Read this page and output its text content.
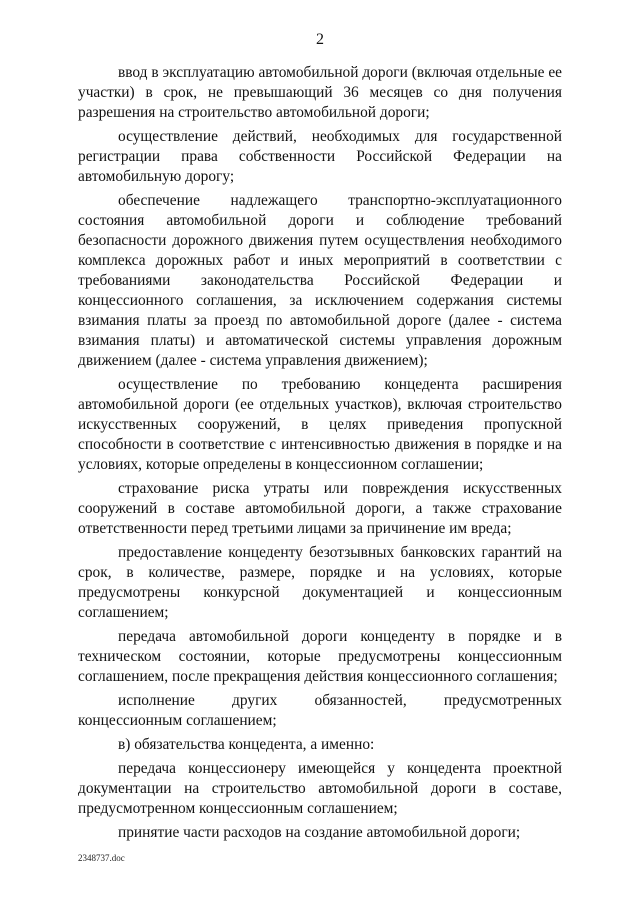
2

ввод в эксплуатацию автомобильной дороги (включая отдельные ее участки) в срок, не превышающий 36 месяцев со дня получения разрешения на строительство автомобильной дороги;

осуществление действий, необходимых для государственной регистрации права собственности Российской Федерации на автомобильную дорогу;

обеспечение надлежащего транспортно-эксплуатационного состояния автомобильной дороги и соблюдение требований безопасности дорожного движения путем осуществления необходимого комплекса дорожных работ и иных мероприятий в соответствии с требованиями законодательства Российской Федерации и концессионного соглашения, за исключением содержания системы взимания платы за проезд по автомобильной дороге (далее - система взимания платы) и автоматической системы управления дорожным движением (далее - система управления движением);

осуществление по требованию концедента расширения автомобильной дороги (ее отдельных участков), включая строительство искусственных сооружений, в целях приведения пропускной способности в соответствие с интенсивностью движения в порядке и на условиях, которые определены в концессионном соглашении;

страхование риска утраты или повреждения искусственных сооружений в составе автомобильной дороги, а также страхование ответственности перед третьими лицами за причинение им вреда;

предоставление концеденту безотзывных банковских гарантий на срок, в количестве, размере, порядке и на условиях, которые предусмотрены конкурсной документацией и концессионным соглашением;

передача автомобильной дороги концеденту в порядке и в техническом состоянии, которые предусмотрены концессионным соглашением, после прекращения действия концессионного соглашения;

исполнение других обязанностей, предусмотренных концессионным соглашением;

в) обязательства концедента, а именно:

передача концессионеру имеющейся у концедента проектной документации на строительство автомобильной дороги в составе, предусмотренном концессионным соглашением;

принятие части расходов на создание автомобильной дороги;

2348737.doc
